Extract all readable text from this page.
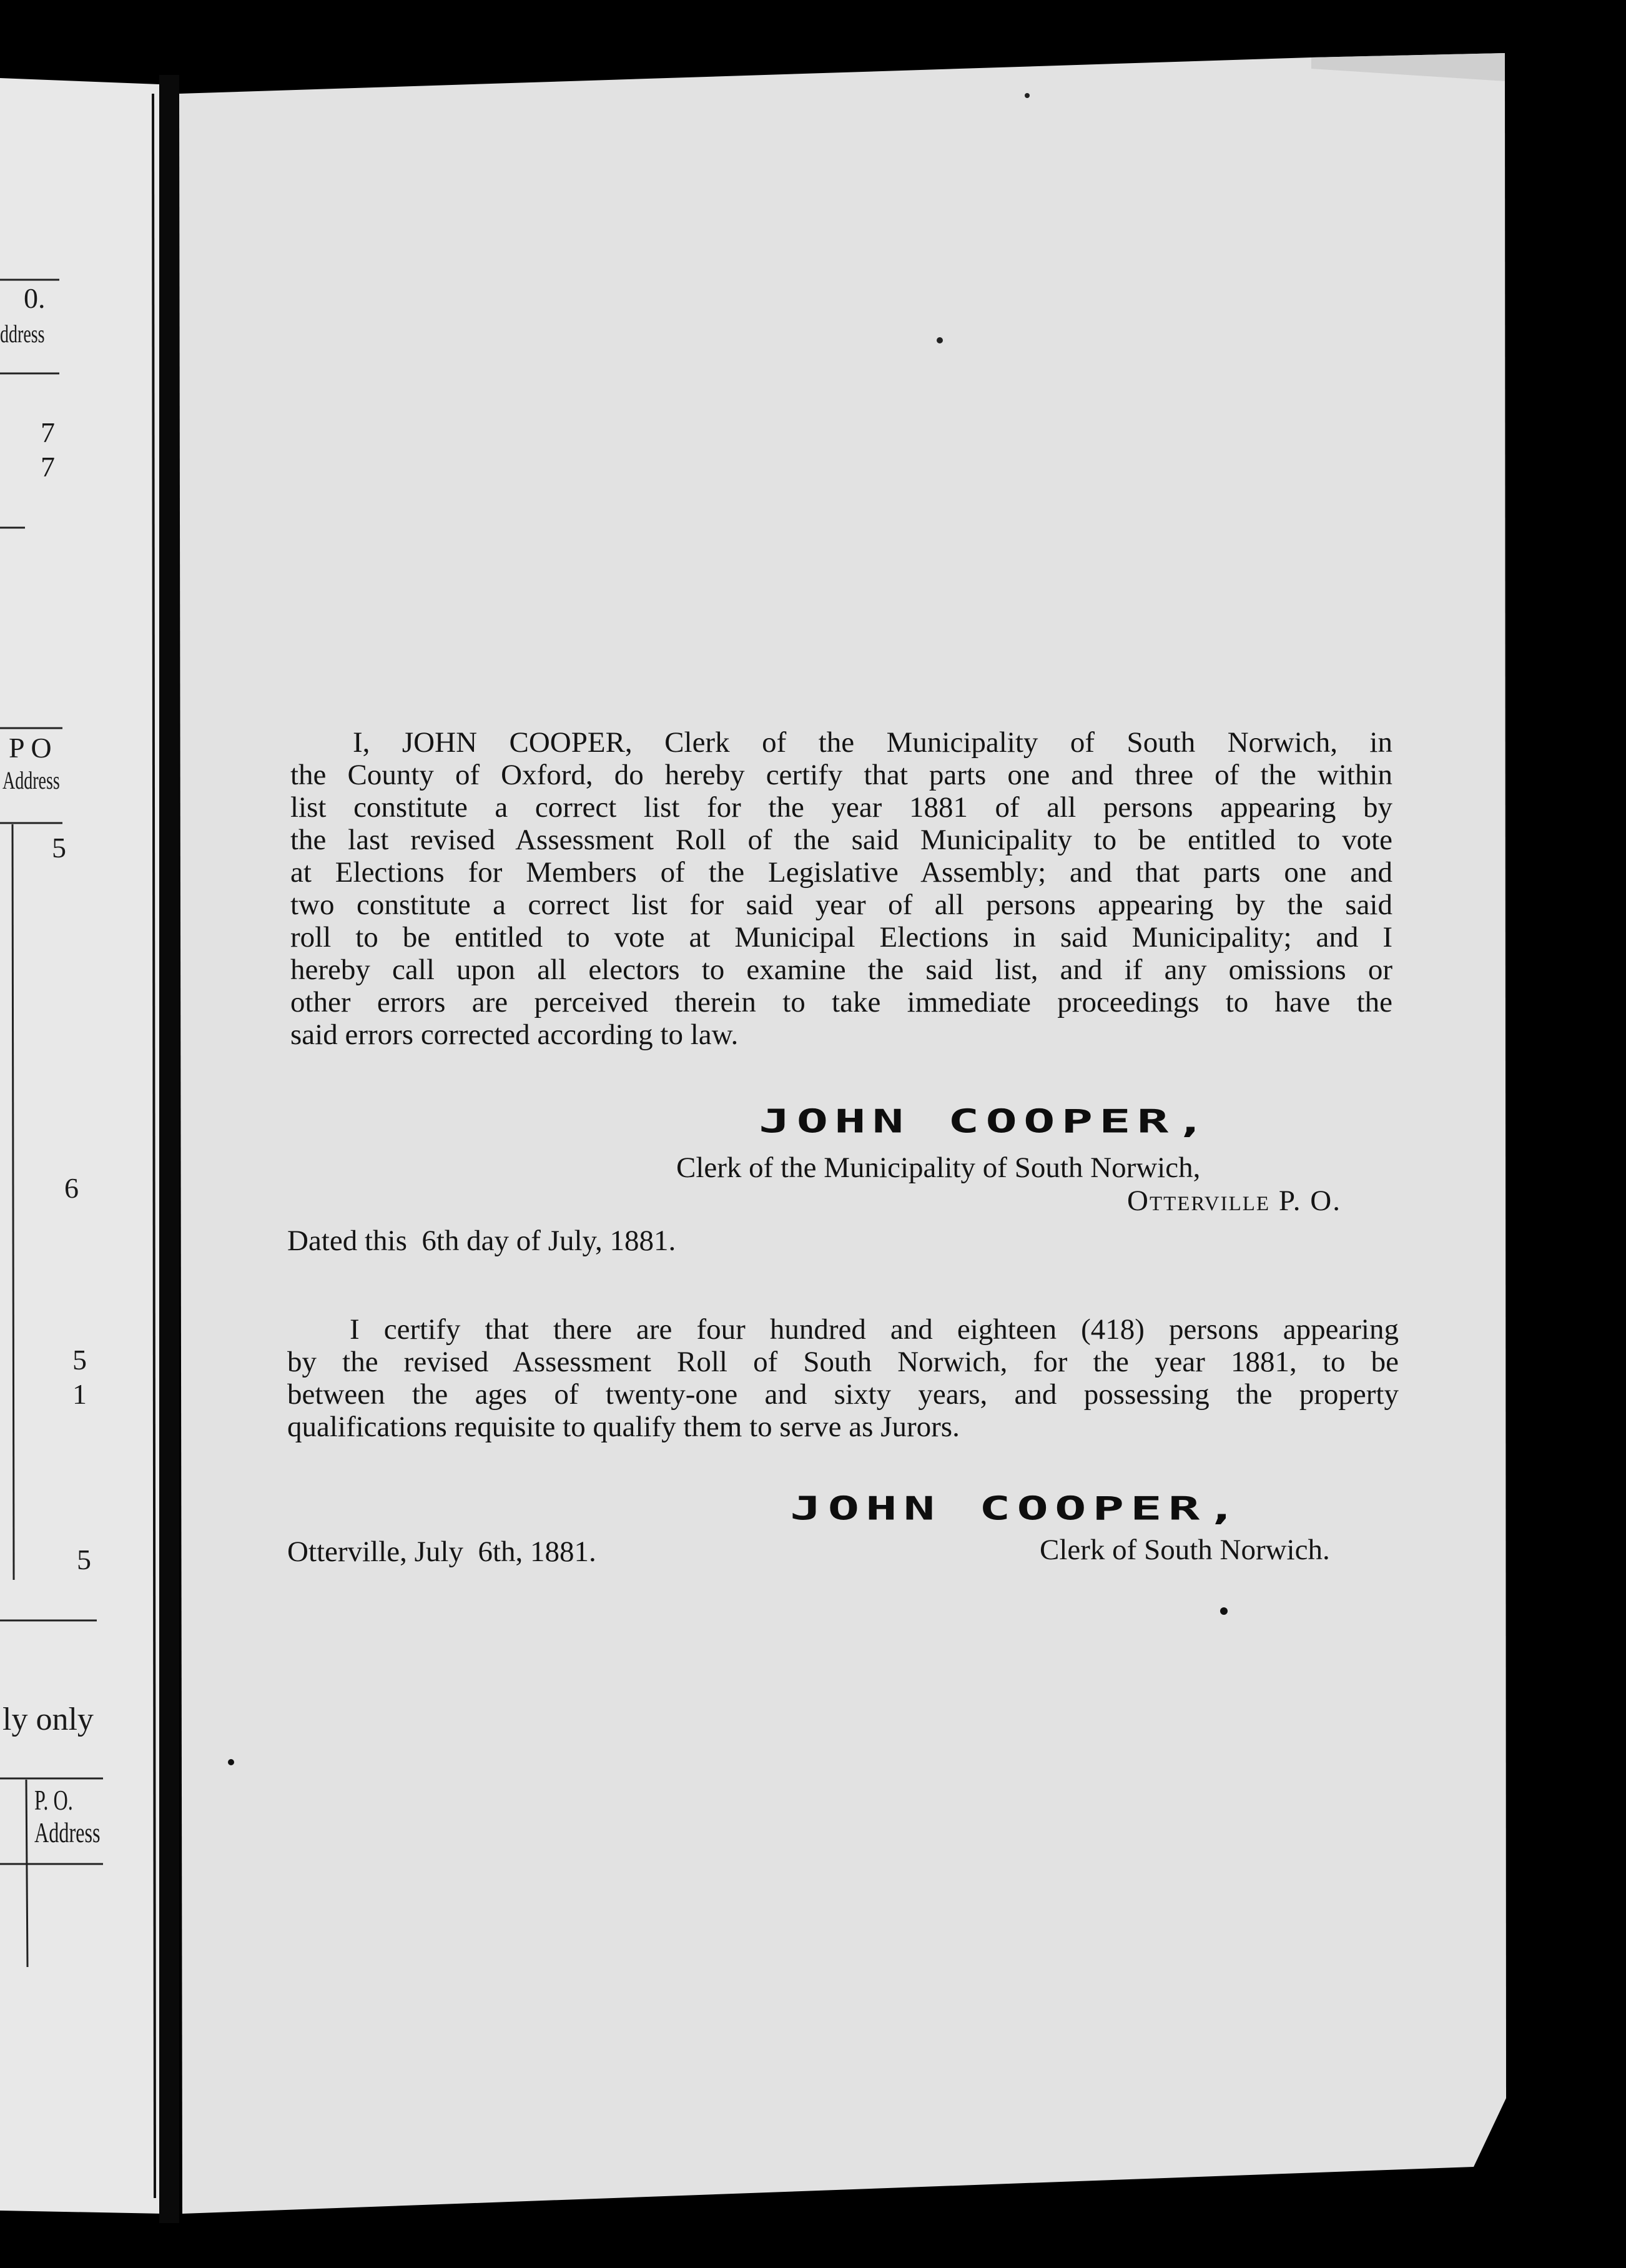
0.
ddress
7
7
P O
Address
5
6
5
1
5
ly only
P. O.
Address
I, JOHN COOPER, Clerk of the Municipality of South Norwich, in
the County of Oxford, do hereby certify that parts one and three of the within
list constitute a correct list for the year 1881 of all persons appearing by
the last revised Assessment Roll of the said Municipality to be entitled to vote
at Elections for Members of the Legislative Assembly; and that parts one and
two constitute a correct list for said year of all persons appearing by the said
roll to be entitled to vote at Municipal Elections in said Municipality; and I
hereby call upon all electors to examine the said list, and if any omissions or
other errors are perceived therein to take immediate proceedings to have the
said errors corrected according to law.
JOHN COOPER,
Clerk of the Municipality of South Norwich,
Otterville P. O.
Dated this  6th day of July, 1881.
I certify that there are four hundred and eighteen (418) persons appearing
by the revised Assessment Roll of South Norwich, for the year 1881, to be
between the ages of twenty-one and sixty years, and possessing the property
qualifications requisite to qualify them to serve as Jurors.
JOHN COOPER,
Otterville, July  6th, 1881.	Clerk of South Norwich.
